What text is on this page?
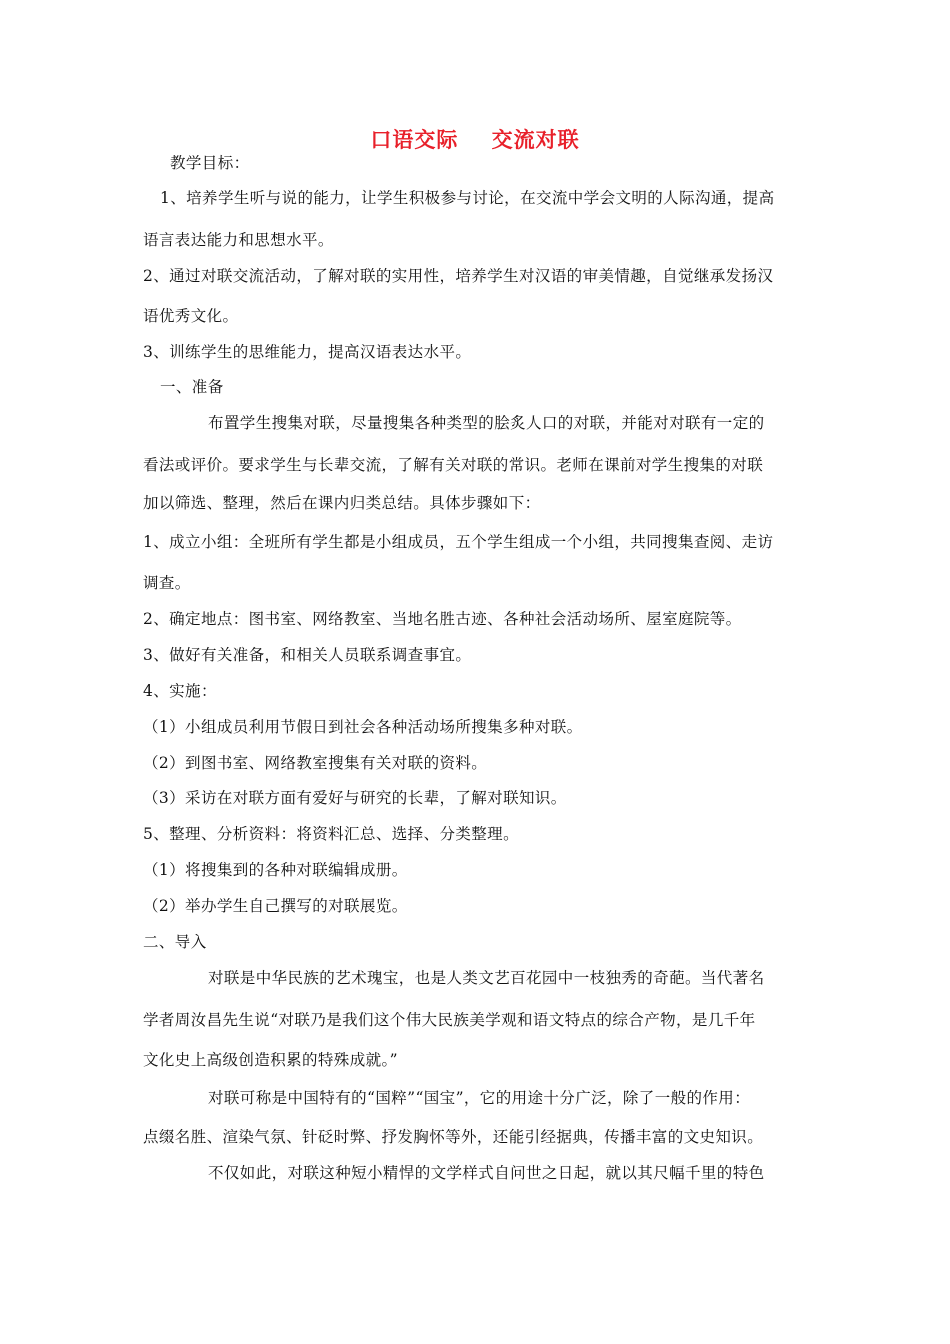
口语交际    交流对联
教学目标：
1、培养学生听与说的能力，让学生积极参与讨论，在交流中学会文明的人际沟通，提高
语言表达能力和思想水平。
2、通过对联交流活动，了解对联的实用性，培养学生对汉语的审美情趣，自觉继承发扬汉
语优秀文化。
3、训练学生的思维能力，提高汉语表达水平。
一、准备
布置学生搜集对联，尽量搜集各种类型的脍炙人口的对联，并能对对联有一定的
看法或评价。要求学生与长辈交流，了解有关对联的常识。老师在课前对学生搜集的对联
加以筛选、整理，然后在课内归类总结。具体步骤如下：
1、成立小组：全班所有学生都是小组成员，五个学生组成一个小组，共同搜集查阅、走访
调查。
2、确定地点：图书室、网络教室、当地名胜古迹、各种社会活动场所、屋室庭院等。
3、做好有关准备，和相关人员联系调查事宜。
4、实施：
（1）小组成员利用节假日到社会各种活动场所搜集多种对联。
（2）到图书室、网络教室搜集有关对联的资料。
（3）采访在对联方面有爱好与研究的长辈，了解对联知识。
5、整理、分析资料：将资料汇总、选择、分类整理。
（1）将搜集到的各种对联编辑成册。
（2）举办学生自己撰写的对联展览。
二、导入
对联是中华民族的艺术瑰宝，也是人类文艺百花园中一枝独秀的奇葩。当代著名
学者周汝昌先生说“对联乃是我们这个伟大民族美学观和语文特点的综合产物，是几千年
文化史上高级创造积累的特殊成就。”
对联可称是中国特有的“国粹”“国宝”，它的用途十分广泛，除了一般的作用：
点缀名胜、渲染气氛、针砭时弊、抒发胸怀等外，还能引经据典，传播丰富的文史知识。
不仅如此，对联这种短小精悍的文学样式自问世之日起，就以其尺幅千里的特色
